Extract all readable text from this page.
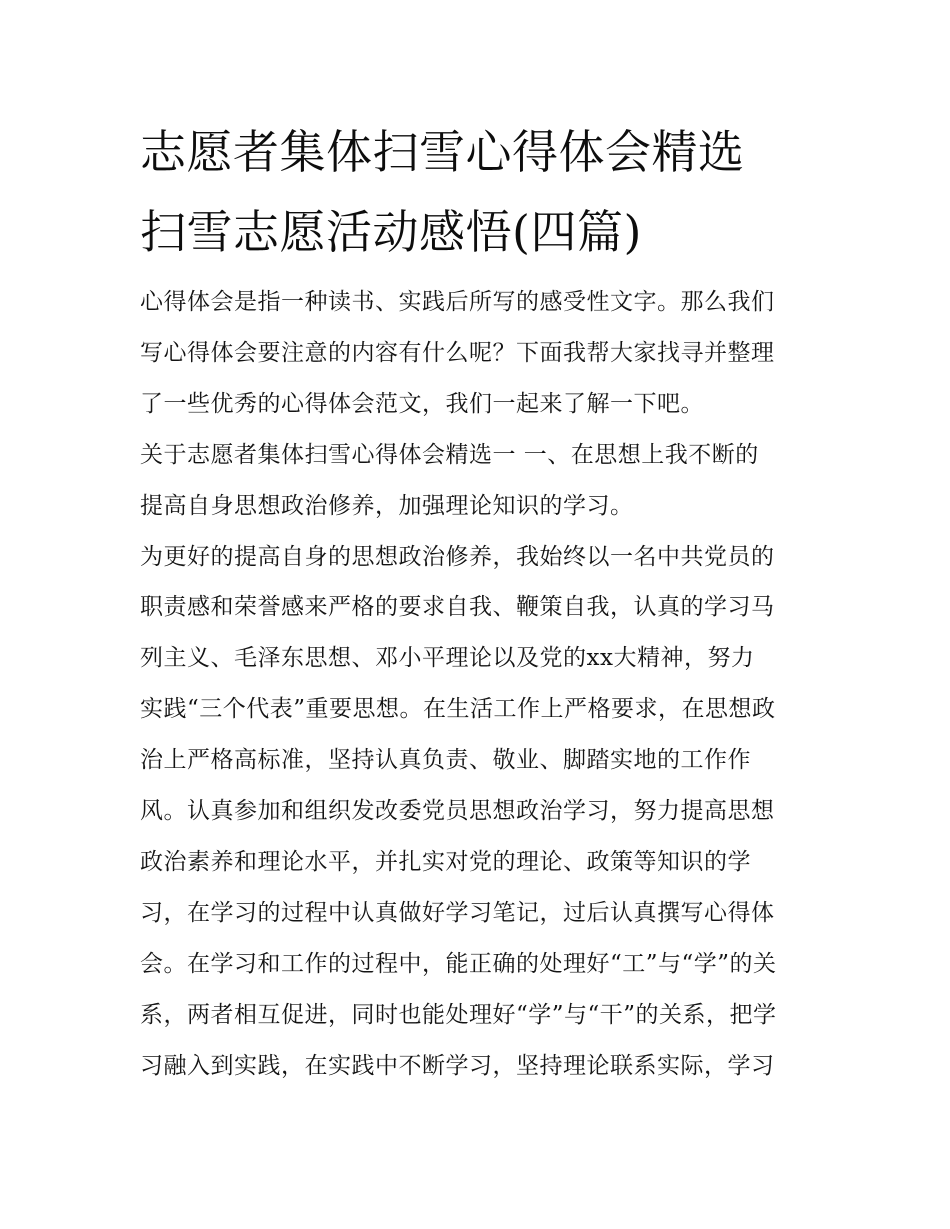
志愿者集体扫雪心得体会精选
扫雪志愿活动感悟(四篇)
心得体会是指一种读书、实践后所写的感受性文字。那么我们
写心得体会要注意的内容有什么呢？下面我帮大家找寻并整理
了一些优秀的心得体会范文，我们一起来了解一下吧。
关于志愿者集体扫雪心得体会精选一 一、在思想上我不断的
提高自身思想政治修养，加强理论知识的学习。
为更好的提高自身的思想政治修养，我始终以一名中共党员的
职责感和荣誉感来严格的要求自我、鞭策自我，认真的学习马
列主义、毛泽东思想、邓小平理论以及党的xx大精神，努力
实践“三个代表”重要思想。在生活工作上严格要求，在思想政
治上严格高标准，坚持认真负责、敬业、脚踏实地的工作作
风。认真参加和组织发改委党员思想政治学习，努力提高思想
政治素养和理论水平，并扎实对党的理论、政策等知识的学
习，在学习的过程中认真做好学习笔记，过后认真撰写心得体
会。在学习和工作的过程中，能正确的处理好“工”与“学”的关
系，两者相互促进，同时也能处理好“学”与“干”的关系，把学
习融入到实践，在实践中不断学习，坚持理论联系实际，学习
